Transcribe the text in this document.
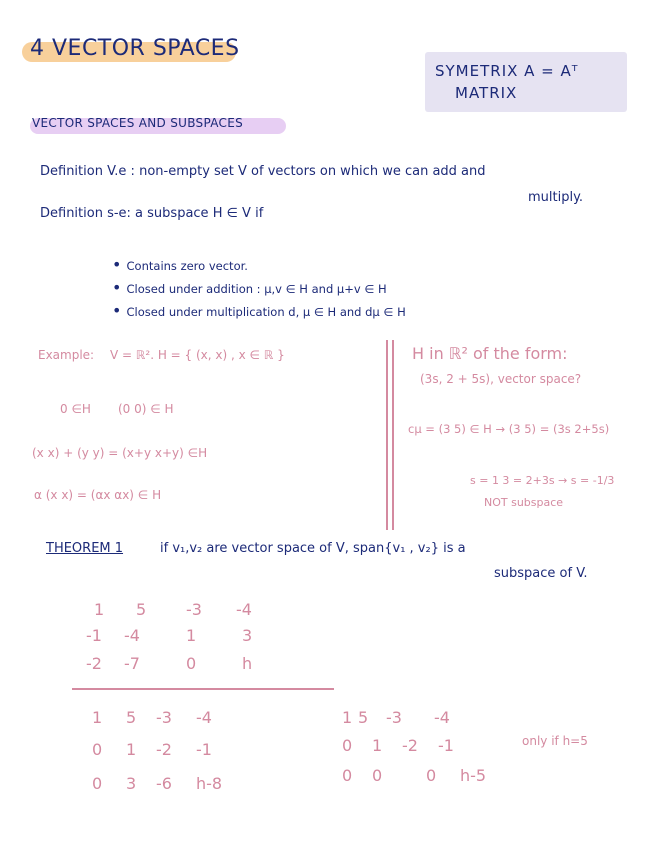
4 VECTOR SPACES
SYMETRIX A = Aᵀ
MATRIX
VECTOR SPACES AND SUBSPACES
Definition V.e : non-empty set V of vectors on which we can add and
multiply.
Definition s-e: a subspace H ∈ V if
• Contains zero vector.
• Closed under addition : μ,v ∈ H and μ+v ∈ H
• Closed under multiplication d, μ ∈ H and dμ ∈ H
Example: V = ℝ². H = { (x, x) , x ∈ ℝ }
0 ∈H (0 0) ∈ H
(x x) + (y y) = (x+y x+y) ∈H
α (x x) = (αx αx) ∈ H
H in ℝ² of the form:
(3s, 2 + 5s), vector space?
cμ = (3 5) ∈ H → (3 5) = (3s 2+5s)
s = 1 3 = 2+3s → s = -1/3
NOT subspace
THEOREM 1	if v₁,v₂ are vector space of V, span{v₁ , v₂} is a
subspace of V.
1 5 -3 -4
-1 -4	1	3
-2 -7	0	h
1 5 -3 -4
0 1 -2 -1
0 3 -6 h-8
1 5 -3 -4
0 1 -2 -1
0 0	0 h-5
only if h=5
